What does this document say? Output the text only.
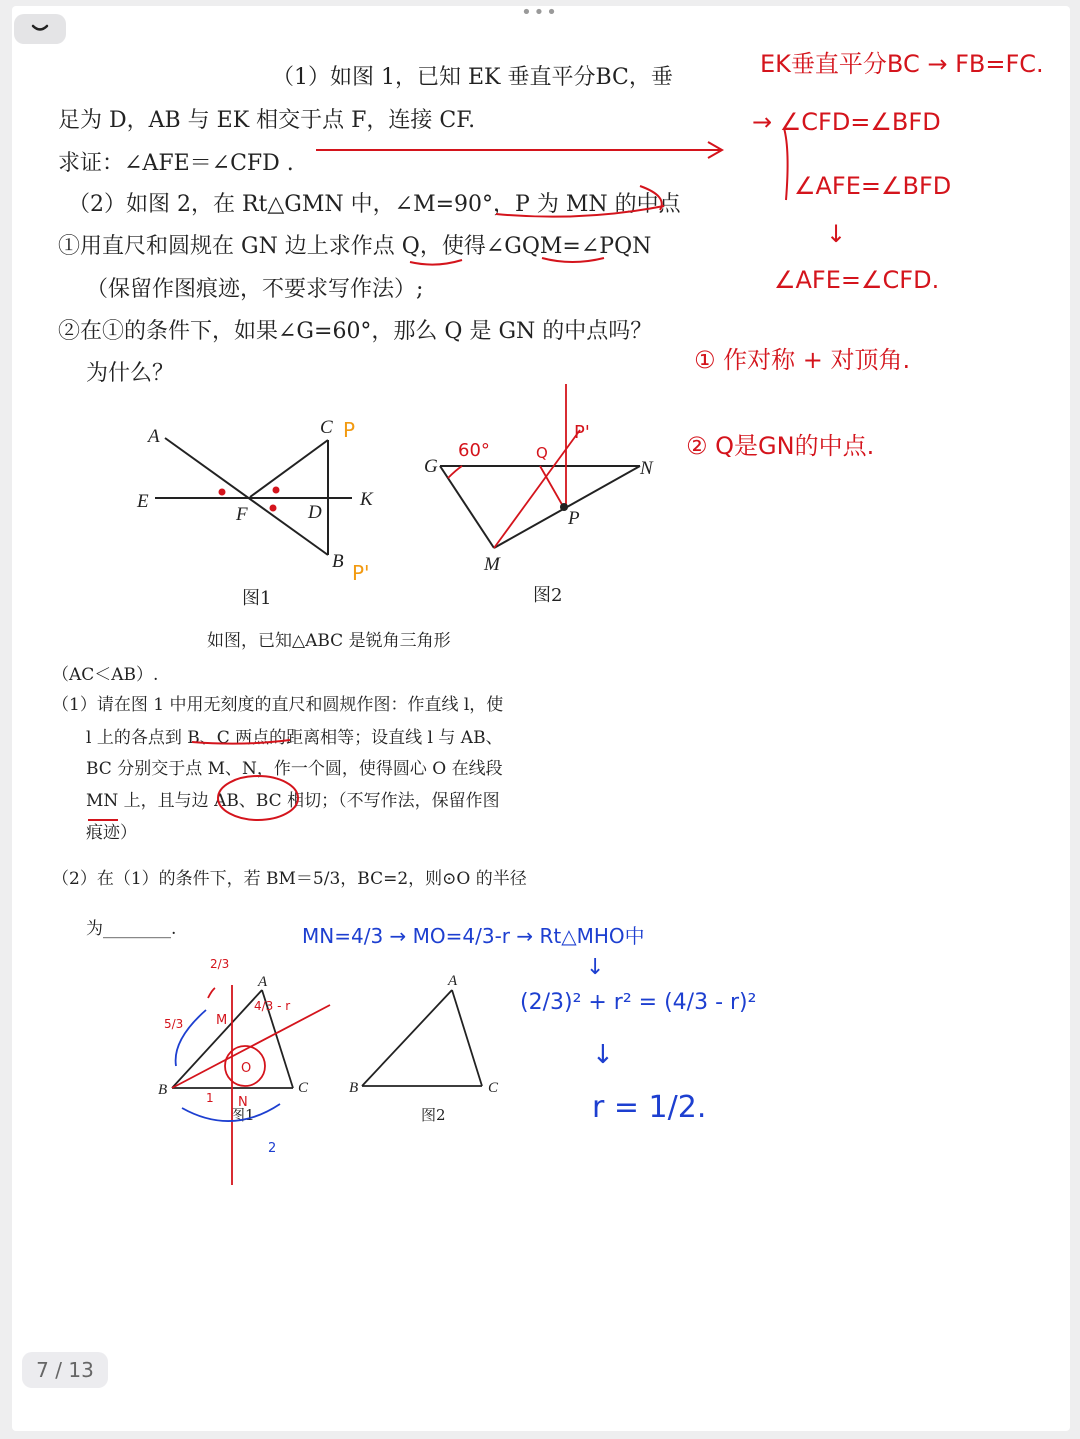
•••
（1）如图 1，已知 EK 垂直平分BC，垂
足为 D，AB 与 EK 相交于点 F，连接 CF.
求证：∠AFE＝∠CFD .
（2）如图 2，在 Rt△GMN 中，∠M=90°，P 为 MN 的中点
①用直尺和圆规在 GN 边上求作点 Q，使得∠GQM=∠PQN
（保留作图痕迹，不要求写作法）;
②在①的条件下，如果∠G=60°，那么 Q 是 GN 的中点吗？
为什么？
如图，已知△ABC 是锐角三角形
（AC＜AB）.
（1）请在图 1 中用无刻度的直尺和圆规作图：作直线 l，使
l 上的各点到 B、C 两点的距离相等；设直线 l 与 AB、
BC 分别交于点 M、N，作一个圆，使得圆心 O 在线段
MN 上，且与边 AB、BC 相切；（不写作法，保留作图
痕迹）
（2）在（1）的条件下，若 BM＝5/3，BC=2，则⊙O 的半径
为________.
图1	图2
图1	图2
A	C
E
F	D
K
B
P
P'
G	N
P
M
Q
60°
P'
A
B	C
M
N
O
2/3
5/3
4/3 - r
1
2
A
B	C
EK垂直平分BC → FB=FC.
→ ∠CFD=∠BFD
∠AFE=∠BFD
↓
∠AFE=∠CFD.
① 作对称 + 对顶角.
② Q是GN的中点.
MN=4/3 → MO=4/3-r → Rt△MHO中
↓
(2/3)² + r² = (4/3 - r)²
↓
r = 1/2.
7 / 13
